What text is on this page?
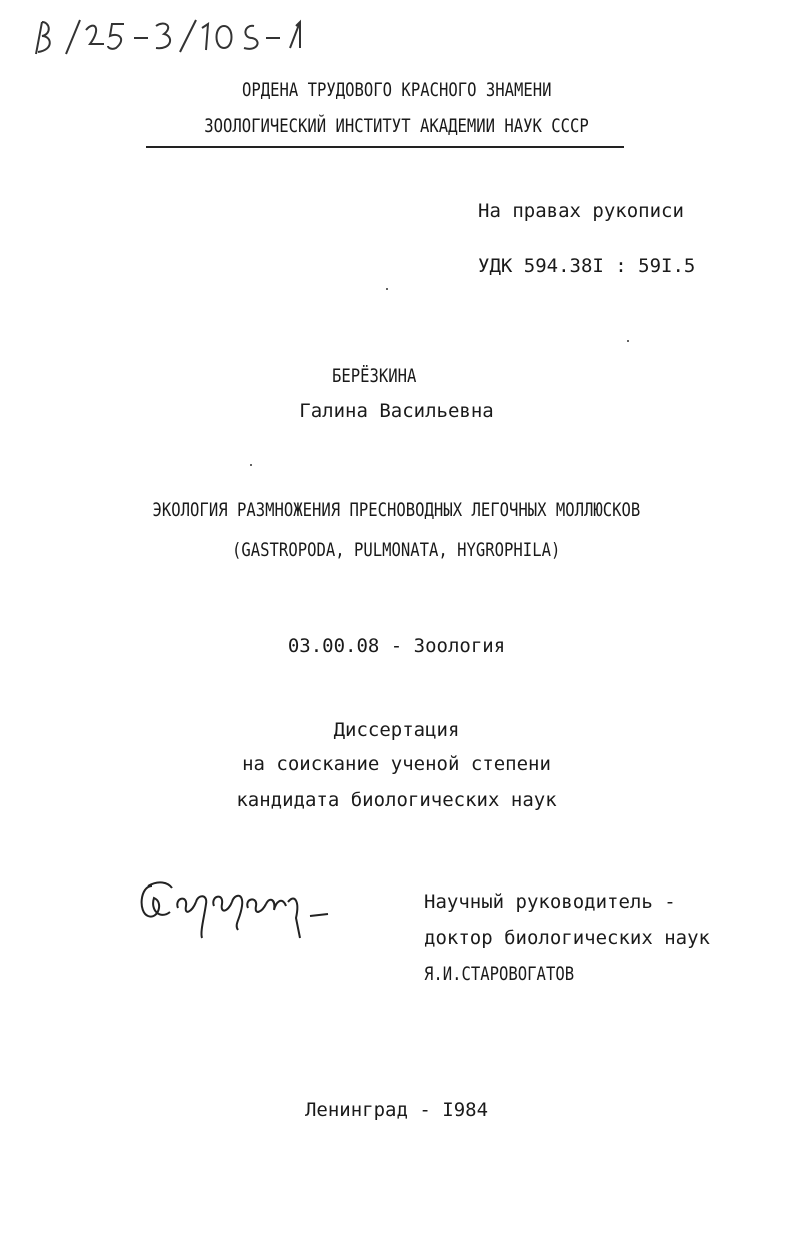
ОРДЕНА ТРУДОВОГО КРАСНОГО ЗНАМЕНИ
ЗООЛОГИЧЕСКИЙ ИНСТИТУТ АКАДЕМИИ НАУК СССР
На правах рукописи
УДК 594.38I : 59I.5
БЕРЁЗКИНА
Галина Васильевна
ЭКОЛОГИЯ РАЗМНОЖЕНИЯ ПРЕСНОВОДНЫХ ЛЕГОЧНЫХ МОЛЛЮСКОВ
(GASTROPODA, PULMONATA, HYGROPHILA)
03.00.08 - Зоология
Диссертация
на соискание ученой степени
кандидата биологических наук
Научный руководитель -
доктор биологических наук
Я.И.СТАРОВОГАТОВ
Ленинград - I984
